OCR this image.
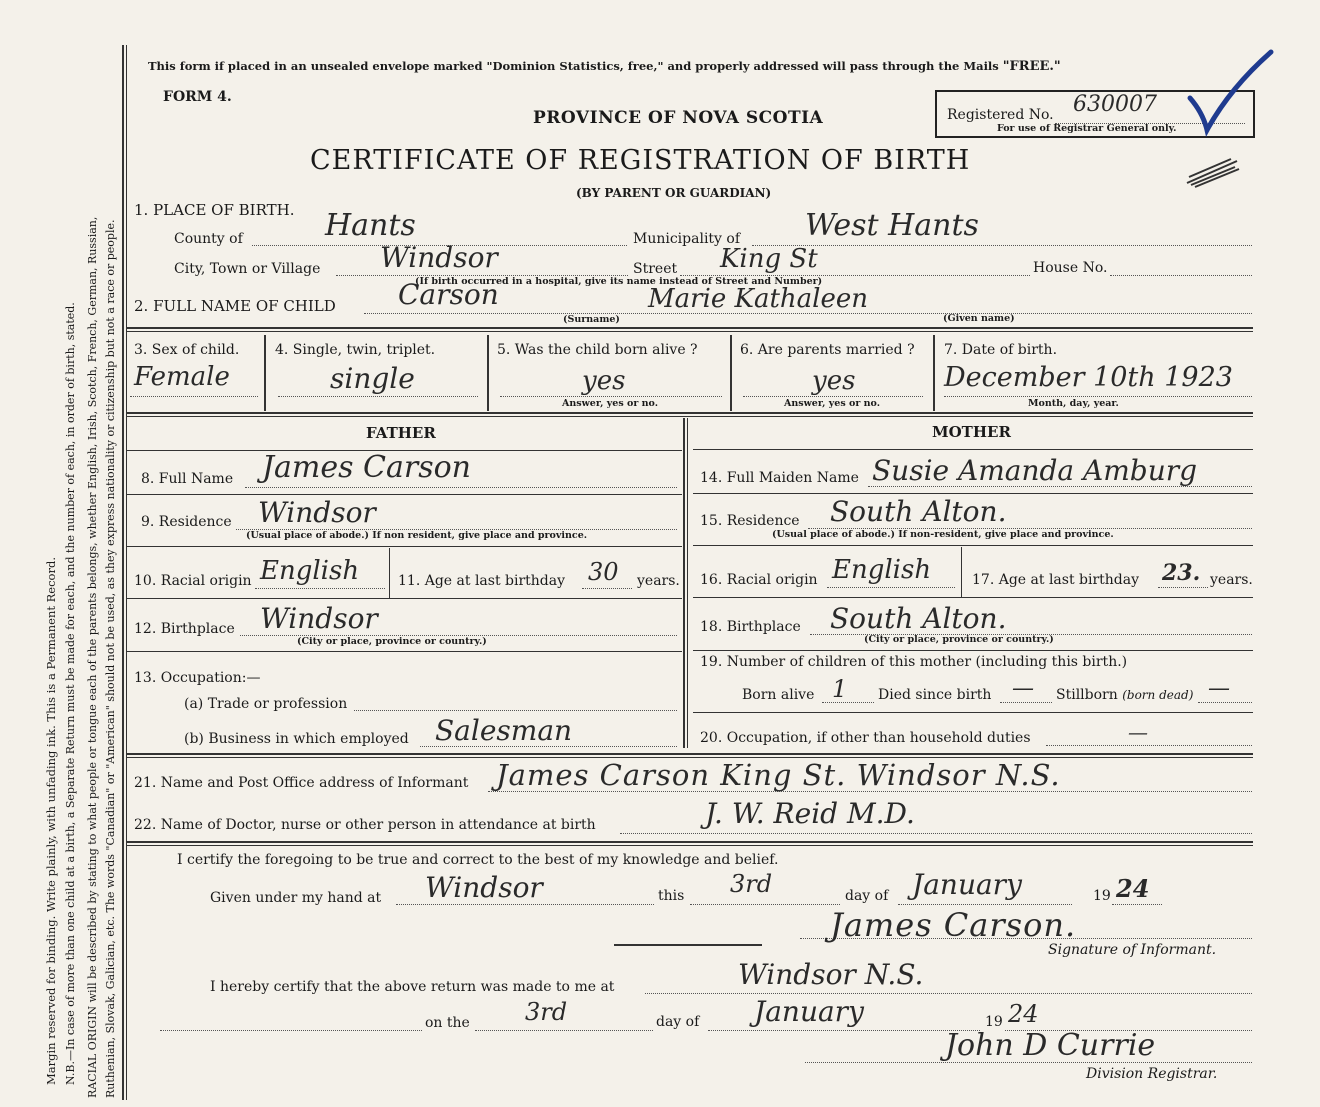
Margin reserved for binding. Write plainly, with unfading ink. This is a Permanent Record. N.B.—In case of more than one child at a birth, a Separate Return must be made for each, and the number of each, in order of birth, stated. RACIAL ORIGIN will be described by stating to what people or tongue each of the parents belongs, whether English, Irish, Scotch, French, German, Russian, Ruthenian, Slovak, Galician, etc. The words "Canadian" or "American" should not be used, as they express nationality or citizenship but not a race or people.
This form if placed in an unsealed envelope marked "Dominion Statistics, free," and properly addressed will pass through the Mails "FREE."
FORM 4.
PROVINCE OF NOVA SCOTIA
CERTIFICATE OF REGISTRATION OF BIRTH
(BY PARENT OR GUARDIAN)
Registered No. 630007
For use of Registrar General only.
1. PLACE OF BIRTH.
County of	Hants	Municipality of West Hants
City, Town or Village Windsor	Street King St	House No.
(If birth occurred in a hospital, give its name instead of Street and Number)
2. FULL NAME OF CHILD Carson	Marie Kathaleen
(Surname)	(Given name)
3. Sex of child.
Female
4. Single, twin, triplet.
single
5. Was the child born alive ?
yes
Answer, yes or no.
6. Are parents married ?
yes
Answer, yes or no.
7. Date of birth.
December 10th 1923
Month, day, year.
FATHER	MOTHER
8. Full Name James Carson
9. Residence Windsor
(Usual place of abode.) If non resident, give place and province.
10. Racial origin English	11. Age at last birthday 30 years.
12. Birthplace Windsor
(City or place, province or country.)
13. Occupation:—
(a) Trade or profession
(b) Business in which employed Salesman
14. Full Maiden Name Susie Amanda Amburg
15. Residence South Alton.
(Usual place of abode.) If non-resident, give place and province.
16. Racial origin English	17. Age at last birthday 23. years.
18. Birthplace South Alton.
(City or place, province or country.)
19. Number of children of this mother (including this birth.)
Born alive 1 Died since birth — Stillborn (born dead) —
20. Occupation, if other than household duties	—
21. Name and Post Office address of Informant James Carson King St. Windsor N.S.
22. Name of Doctor, nurse or other person in attendance at birth	J. W. Reid M.D.
I certify the foregoing to be true and correct to the best of my knowledge and belief.
Given under my hand at Windsor	this 3rd	day of January	19 24
James Carson.
Signature of Informant.
I hereby certify that the above return was made to me at	Windsor N.S.
on the 3rd	day of January	19 24
John D Currie
Division Registrar.
